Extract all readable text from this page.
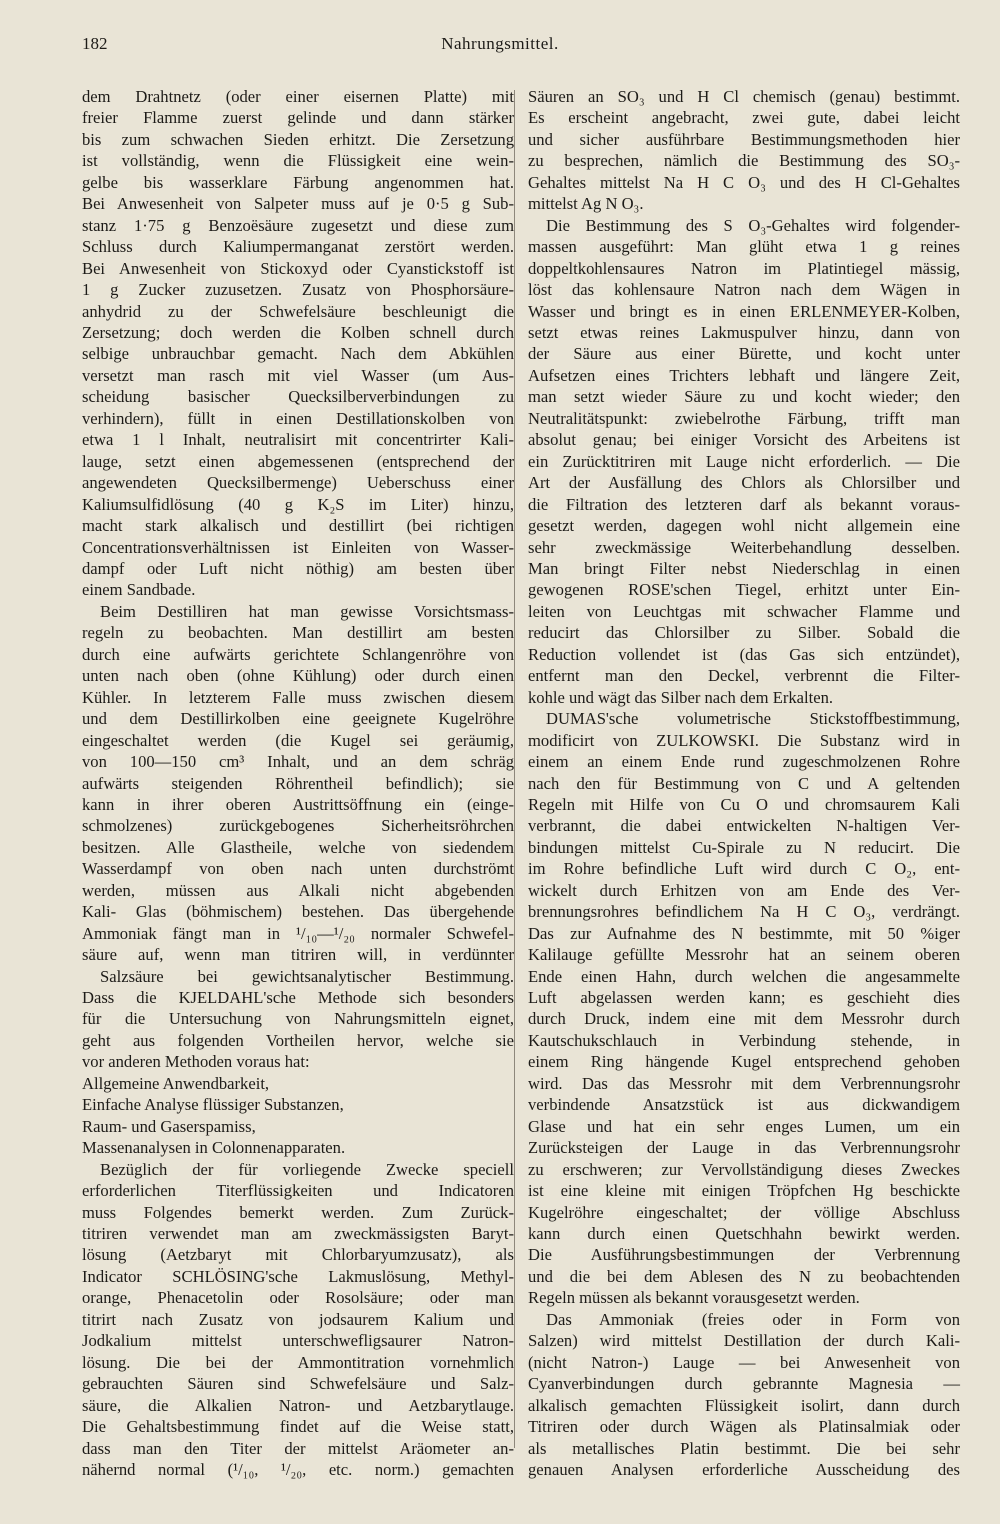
182	Nahrungsmittel.
dem Drahtnetz (oder einer eisernen Platte) mit
freier Flamme zuerst gelinde und dann stärker
bis zum schwachen Sieden erhitzt. Die Zersetzung
ist vollständig, wenn die Flüssigkeit eine wein-
gelbe bis wasserklare Färbung angenommen hat.
Bei Anwesenheit von Salpeter muss auf je 0·5 g Sub-
stanz 1·75 g Benzoësäure zugesetzt und diese zum
Schluss durch Kaliumpermanganat zerstört werden.
Bei Anwesenheit von Stickoxyd oder Cyanstickstoff ist
1 g Zucker zuzusetzen. Zusatz von Phosphorsäure-
anhydrid zu der Schwefelsäure beschleunigt die
Zersetzung; doch werden die Kolben schnell durch
selbige unbrauchbar gemacht. Nach dem Abkühlen
versetzt man rasch mit viel Wasser (um Aus-
scheidung basischer Quecksilberverbindungen zu
verhindern), füllt in einen Destillationskolben von
etwa 1 l Inhalt, neutralisirt mit concentrirter Kali-
lauge, setzt einen abgemessenen (entsprechend der
angewendeten Quecksilbermenge) Ueberschuss einer
Kaliumsulfidlösung (40 g K₂S im Liter) hinzu,
macht stark alkalisch und destillirt (bei richtigen
Concentrationsverhältnissen ist Einleiten von Wasser-
dampf oder Luft nicht nöthig) am besten über
einem Sandbade.
Beim Destilliren hat man gewisse Vorsichtsmass-
regeln zu beobachten. Man destillirt am besten
durch eine aufwärts gerichtete Schlangenröhre von
unten nach oben (ohne Kühlung) oder durch einen
Kühler. In letzterem Falle muss zwischen diesem
und dem Destillirkolben eine geeignete Kugelröhre
eingeschaltet werden (die Kugel sei geräumig,
von 100—150 cm³ Inhalt, und an dem schräg
aufwärts steigenden Röhrentheil befindlich); sie
kann in ihrer oberen Austrittsöffnung ein (einge-
schmolzenes) zurückgebogenes Sicherheitsröhrchen
besitzen. Alle Glastheile, welche von siedendem
Wasserdampf von oben nach unten durchströmt
werden, müssen aus Alkali nicht abgebenden
Kali- Glas (böhmischem) bestehen. Das übergehende
Ammoniak fängt man in ¹/₁₀—¹/₂₀ normaler Schwefel-
säure auf, wenn man titriren will, in verdünnter
Salzsäure bei gewichtsanalytischer Bestimmung.
Dass die KJELDAHL'sche Methode sich besonders
für die Untersuchung von Nahrungsmitteln eignet,
geht aus folgenden Vortheilen hervor, welche sie
vor anderen Methoden voraus hat:
Allgemeine Anwendbarkeit,
Einfache Analyse flüssiger Substanzen,
Raum- und Gaserspamiss,
Massenanalysen in Colonnenapparaten.
Bezüglich der für vorliegende Zwecke speciell
erforderlichen Titerflüssigkeiten und Indicatoren
muss Folgendes bemerkt werden. Zum Zurück-
titriren verwendet man am zweckmässigsten Baryt-
lösung (Aetzbaryt mit Chlorbaryumzusatz), als
Indicator SCHLÖSING'sche Lakmuslösung, Methyl-
orange, Phenacetolin oder Rosolsäure; oder man
titrirt nach Zusatz von jodsaurem Kalium und
Jodkalium mittelst unterschwefligsaurer Natron-
lösung. Die bei der Ammontitration vornehmlich
gebrauchten Säuren sind Schwefelsäure und Salz-
säure, die Alkalien Natron- und Aetzbarytlauge.
Die Gehaltsbestimmung findet auf die Weise statt,
dass man den Titer der mittelst Aräometer an-
nähernd normal (¹/₁₀, ¹/₂₀, etc. norm.) gemachten
Säuren an SO₃ und H Cl chemisch (genau) bestimmt.
Es erscheint angebracht, zwei gute, dabei leicht
und sicher ausführbare Bestimmungsmethoden hier
zu besprechen, nämlich die Bestimmung des SO₃-
Gehaltes mittelst Na H C O₃ und des H Cl-Gehaltes
mittelst Ag N O₃.
Die Bestimmung des S O₃-Gehaltes wird folgender-
massen ausgeführt: Man glüht etwa 1 g reines
doppeltkohlensaures Natron im Platintiegel mässig,
löst das kohlensaure Natron nach dem Wägen in
Wasser und bringt es in einen ERLENMEYER-Kolben,
setzt etwas reines Lakmuspulver hinzu, dann von
der Säure aus einer Bürette, und kocht unter
Aufsetzen eines Trichters lebhaft und längere Zeit,
man setzt wieder Säure zu und kocht wieder; den
Neutralitätspunkt: zwiebelrothe Färbung, trifft man
absolut genau; bei einiger Vorsicht des Arbeitens ist
ein Zurücktitriren mit Lauge nicht erforderlich. — Die
Art der Ausfällung des Chlors als Chlorsilber und
die Filtration des letzteren darf als bekannt voraus-
gesetzt werden, dagegen wohl nicht allgemein eine
sehr zweckmässige Weiterbehandlung desselben.
Man bringt Filter nebst Niederschlag in einen
gewogenen ROSE'schen Tiegel, erhitzt unter Ein-
leiten von Leuchtgas mit schwacher Flamme und
reducirt das Chlorsilber zu Silber. Sobald die
Reduction vollendet ist (das Gas sich entzündet),
entfernt man den Deckel, verbrennt die Filter-
kohle und wägt das Silber nach dem Erkalten.
DUMAS'sche volumetrische Stickstoffbestimmung,
modificirt von ZULKOWSKI. Die Substanz wird in
einem an einem Ende rund zugeschmolzenen Rohre
nach den für Bestimmung von C und A geltenden
Regeln mit Hilfe von Cu O und chromsaurem Kali
verbrannt, die dabei entwickelten N-haltigen Ver-
bindungen mittelst Cu-Spirale zu N reducirt. Die
im Rohre befindliche Luft wird durch C O₂, ent-
wickelt durch Erhitzen von am Ende des Ver-
brennungsrohres befindlichem Na H C O₃, verdrängt.
Das zur Aufnahme des N bestimmte, mit 50 %iger
Kalilauge gefüllte Messrohr hat an seinem oberen
Ende einen Hahn, durch welchen die angesammelte
Luft abgelassen werden kann; es geschieht dies
durch Druck, indem eine mit dem Messrohr durch
Kautschukschlauch in Verbindung stehende, in
einem Ring hängende Kugel entsprechend gehoben
wird. Das das Messrohr mit dem Verbrennungsrohr
verbindende Ansatzstück ist aus dickwandigem
Glase und hat ein sehr enges Lumen, um ein
Zurücksteigen der Lauge in das Verbrennungsrohr
zu erschweren; zur Vervollständigung dieses Zweckes
ist eine kleine mit einigen Tröpfchen Hg beschickte
Kugelröhre eingeschaltet; der völlige Abschluss
kann durch einen Quetschhahn bewirkt werden.
Die Ausführungsbestimmungen der Verbrennung
und die bei dem Ablesen des N zu beobachtenden
Regeln müssen als bekannt vorausgesetzt werden.
Das Ammoniak (freies oder in Form von
Salzen) wird mittelst Destillation der durch Kali-
(nicht Natron-) Lauge — bei Anwesenheit von
Cyanverbindungen durch gebrannte Magnesia —
alkalisch gemachten Flüssigkeit isolirt, dann durch
Titriren oder durch Wägen als Platinsalmiak oder
als metallisches Platin bestimmt. Die bei sehr
genauen Analysen erforderliche Ausscheidung des
